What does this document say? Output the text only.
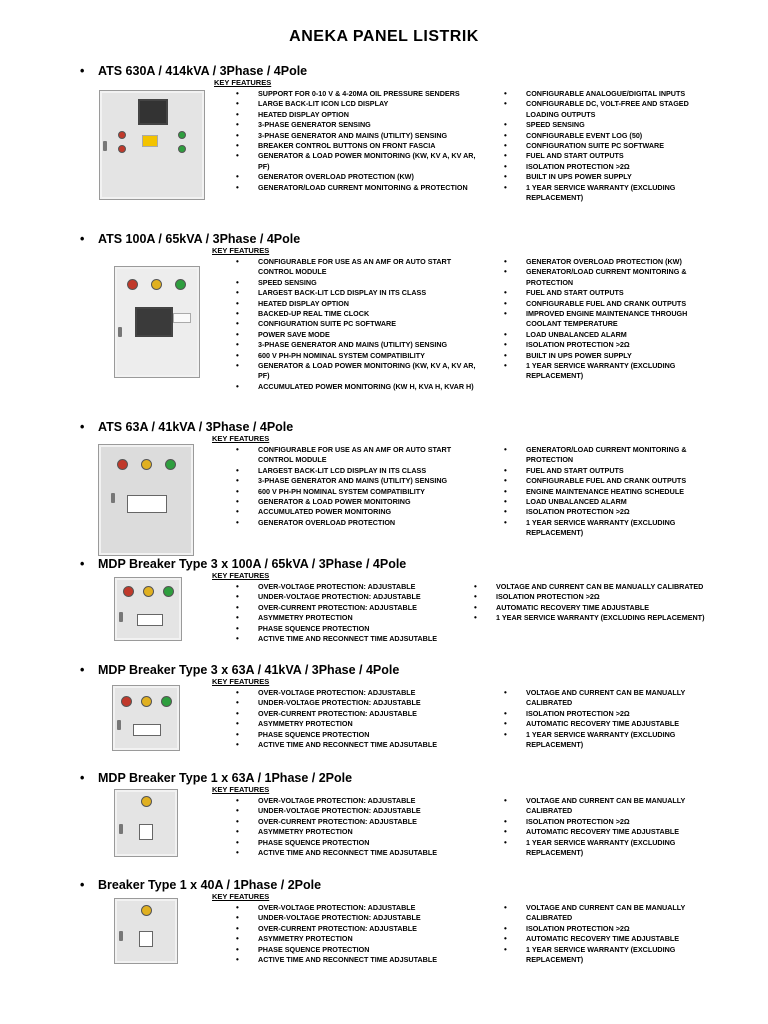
ANEKA PANEL LISTRIK
• ATS 630A / 414kVA / 3Phase / 4Pole
KEY FEATURES
• SUPPORT FOR 0-10 V & 4-20MA OIL PRESSURE SENDERS
• LARGE BACK-LIT ICON LCD DISPLAY
• HEATED DISPLAY OPTION
• 3-PHASE GENERATOR SENSING
• 3-PHASE GENERATOR AND MAINS (UTILITY) SENSING
• BREAKER CONTROL BUTTONS ON FRONT FASCIA
• GENERATOR & LOAD POWER MONITORING (KW, KV A, KV AR, PF)
• GENERATOR OVERLOAD PROTECTION (KW)
• GENERATOR/LOAD CURRENT MONITORING & PROTECTION
• CONFIGURABLE ANALOGUE/DIGITAL INPUTS
• CONFIGURABLE DC, VOLT-FREE AND STAGED LOADING OUTPUTS
• SPEED SENSING
• CONFIGURABLE EVENT LOG (50)
• CONFIGURATION SUITE PC SOFTWARE
• FUEL AND START OUTPUTS
• ISOLATION PROTECTION >2Ω
• BUILT IN UPS POWER SUPPLY
• 1 YEAR SERVICE WARRANTY (EXCLUDING REPLACEMENT)
• ATS 100A / 65kVA / 3Phase / 4Pole
KEY FEATURES
• CONFIGURABLE FOR USE AS AN AMF OR AUTO START CONTROL MODULE
• SPEED SENSING
• LARGEST BACK-LIT LCD DISPLAY IN ITS CLASS
• HEATED DISPLAY OPTION
• BACKED-UP REAL TIME CLOCK
• CONFIGURATION SUITE PC SOFTWARE
• POWER SAVE MODE
• 3-PHASE GENERATOR AND MAINS (UTILITY) SENSING
• 600 V PH-PH NOMINAL SYSTEM COMPATIBILITY
• GENERATOR & LOAD POWER MONITORING (KW, KV A, KV AR, PF)
• ACCUMULATED POWER MONITORING (KW H, KVA H, KVAR H)
• GENERATOR OVERLOAD PROTECTION (KW)
• GENERATOR/LOAD CURRENT MONITORING & PROTECTION
• FUEL AND START OUTPUTS
• CONFIGURABLE FUEL AND CRANK OUTPUTS
• IMPROVED ENGINE MAINTENANCE THROUGH COOLANT TEMPERATURE
• LOAD UNBALANCED ALARM
• ISOLATION PROTECTION >2Ω
• BUILT IN UPS POWER SUPPLY
• 1 YEAR SERVICE WARRANTY (EXCLUDING REPLACEMENT)
• ATS 63A / 41kVA / 3Phase / 4Pole
KEY FEATURES
• CONFIGURABLE FOR USE AS AN AMF OR AUTO START CONTROL MODULE
• LARGEST BACK-LIT LCD DISPLAY IN ITS CLASS
• 3-PHASE GENERATOR AND MAINS (UTILITY) SENSING
• 600 V PH-PH NOMINAL SYSTEM COMPATIBILITY
• GENERATOR & LOAD POWER MONITORING
• ACCUMULATED POWER MONITORING
• GENERATOR OVERLOAD PROTECTION
• GENERATOR/LOAD CURRENT MONITORING & PROTECTION
• FUEL AND START OUTPUTS
• CONFIGURABLE FUEL AND CRANK OUTPUTS
• ENGINE MAINTENANCE HEATING SCHEDULE
• LOAD UNBALANCED ALARM
• ISOLATION PROTECTION >2Ω
• 1 YEAR SERVICE WARRANTY (EXCLUDING REPLACEMENT)
• MDP Breaker Type 3 x 100A / 65kVA / 3Phase / 4Pole
KEY FEATURES
• OVER-VOLTAGE PROTECTION: ADJUSTABLE
• UNDER-VOLTAGE PROTECTION: ADJUSTABLE
• OVER-CURRENT PROTECTION: ADJUSTABLE
• ASYMMETRY PROTECTION
• PHASE SQUENCE PROTECTION
• ACTIVE TIME AND RECONNECT TIME ADJSUTABLE
• VOLTAGE AND CURRENT CAN BE MANUALLY CALIBRATED
• ISOLATION PROTECTION >2Ω
• AUTOMATIC RECOVERY TIME ADJUSTABLE
• 1 YEAR SERVICE WARRANTY (EXCLUDING REPLACEMENT)
• MDP Breaker Type 3 x 63A / 41kVA / 3Phase / 4Pole
KEY FEATURES
• OVER-VOLTAGE PROTECTION: ADJUSTABLE
• UNDER-VOLTAGE PROTECTION: ADJUSTABLE
• OVER-CURRENT PROTECTION: ADJUSTABLE
• ASYMMETRY PROTECTION
• PHASE SQUENCE PROTECTION
• ACTIVE TIME AND RECONNECT TIME ADJSUTABLE
• VOLTAGE AND CURRENT CAN BE MANUALLY CALIBRATED
• ISOLATION PROTECTION >2Ω
• AUTOMATIC RECOVERY TIME ADJUSTABLE
• 1 YEAR SERVICE WARRANTY (EXCLUDING REPLACEMENT)
• MDP Breaker Type 1 x 63A / 1Phase / 2Pole
KEY FEATURES
• OVER-VOLTAGE PROTECTION: ADJUSTABLE
• UNDER-VOLTAGE PROTECTION: ADJUSTABLE
• OVER-CURRENT PROTECTION: ADJUSTABLE
• ASYMMETRY PROTECTION
• PHASE SQUENCE PROTECTION
• ACTIVE TIME AND RECONNECT TIME ADJSUTABLE
• VOLTAGE AND CURRENT CAN BE MANUALLY CALIBRATED
• ISOLATION PROTECTION >2Ω
• AUTOMATIC RECOVERY TIME ADJUSTABLE
• 1 YEAR SERVICE WARRANTY (EXCLUDING REPLACEMENT)
• Breaker Type 1 x 40A / 1Phase / 2Pole
KEY FEATURES
• OVER-VOLTAGE PROTECTION: ADJUSTABLE
• UNDER-VOLTAGE PROTECTION: ADJUSTABLE
• OVER-CURRENT PROTECTION: ADJUSTABLE
• ASYMMETRY PROTECTION
• PHASE SQUENCE PROTECTION
• ACTIVE TIME AND RECONNECT TIME ADJSUTABLE
• VOLTAGE AND CURRENT CAN BE MANUALLY CALIBRATED
• ISOLATION PROTECTION >2Ω
• AUTOMATIC RECOVERY TIME ADJUSTABLE
• 1 YEAR SERVICE WARRANTY (EXCLUDING REPLACEMENT)
